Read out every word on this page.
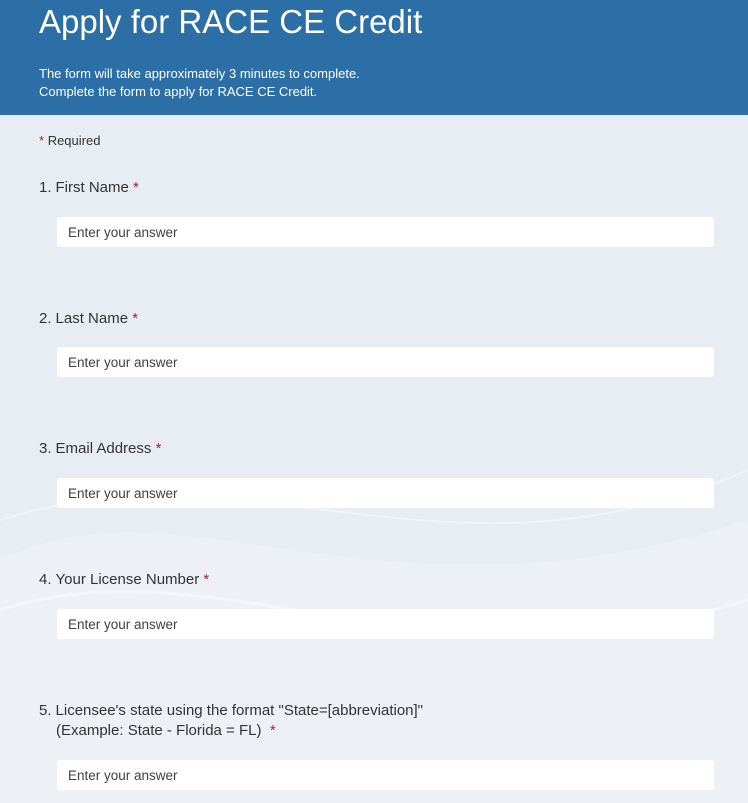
Apply for RACE CE Credit
The form will take approximately 3 minutes to complete.
Complete the form to apply for RACE CE Credit.
* Required

1. First Name *

Enter your answer

2. Last Name *

Enter your answer

3. Email Address *

Enter your answer

4. Your License Number *

Enter your answer

5. Licensee's state using the format "State=[abbreviation]"
(Example: State - Florida = FL) *

Enter your answer
